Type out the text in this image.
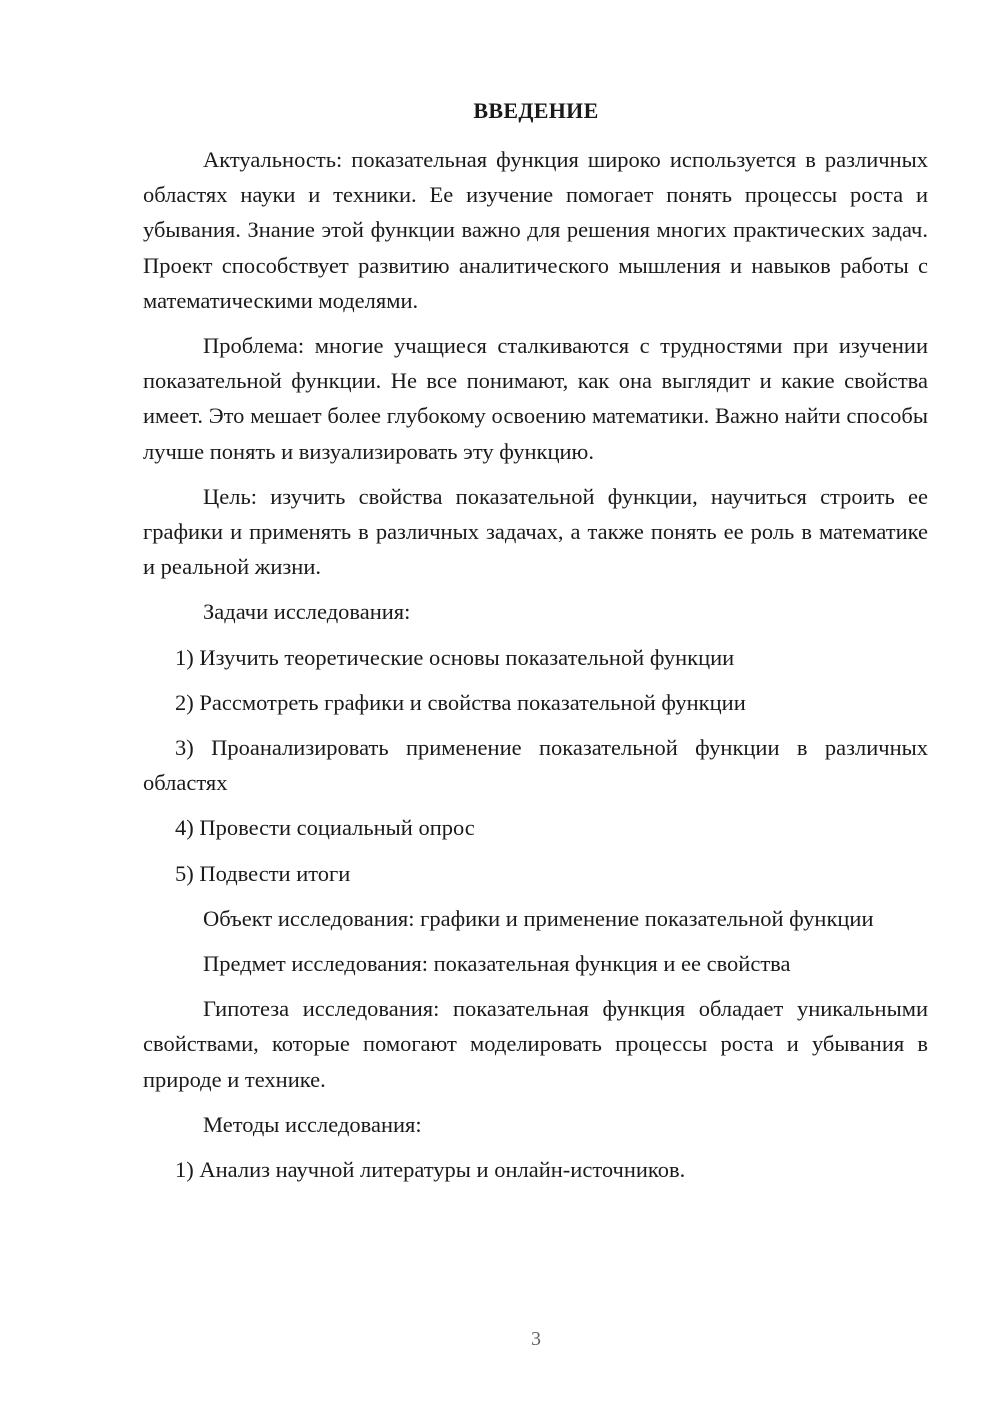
ВВЕДЕНИЕ

Актуальность: показательная функция широко используется в различных областях науки и техники. Ее изучение помогает понять процессы роста и убывания. Знание этой функции важно для решения многих практических задач. Проект способствует развитию аналитического мышления и навыков работы с математическими моделями.

Проблема: многие учащиеся сталкиваются с трудностями при изучении показательной функции. Не все понимают, как она выглядит и какие свойства имеет. Это мешает более глубокому освоению математики. Важно найти способы лучше понять и визуализировать эту функцию.

Цель: изучить свойства показательной функции, научиться строить ее графики и применять в различных задачах, а также понять ее роль в математике и реальной жизни.

Задачи исследования:

1) Изучить теоретические основы показательной функции

2) Рассмотреть графики и свойства показательной функции

3) Проанализировать применение показательной функции в различных областях

4) Провести социальный опрос

5) Подвести итоги

Объект исследования: графики и применение показательной функции

Предмет исследования: показательная функция и ее свойства

Гипотеза исследования: показательная функция обладает уникальными свойствами, которые помогают моделировать процессы роста и убывания в природе и технике.

Методы исследования:

1) Анализ научной литературы и онлайн-источников.

3
